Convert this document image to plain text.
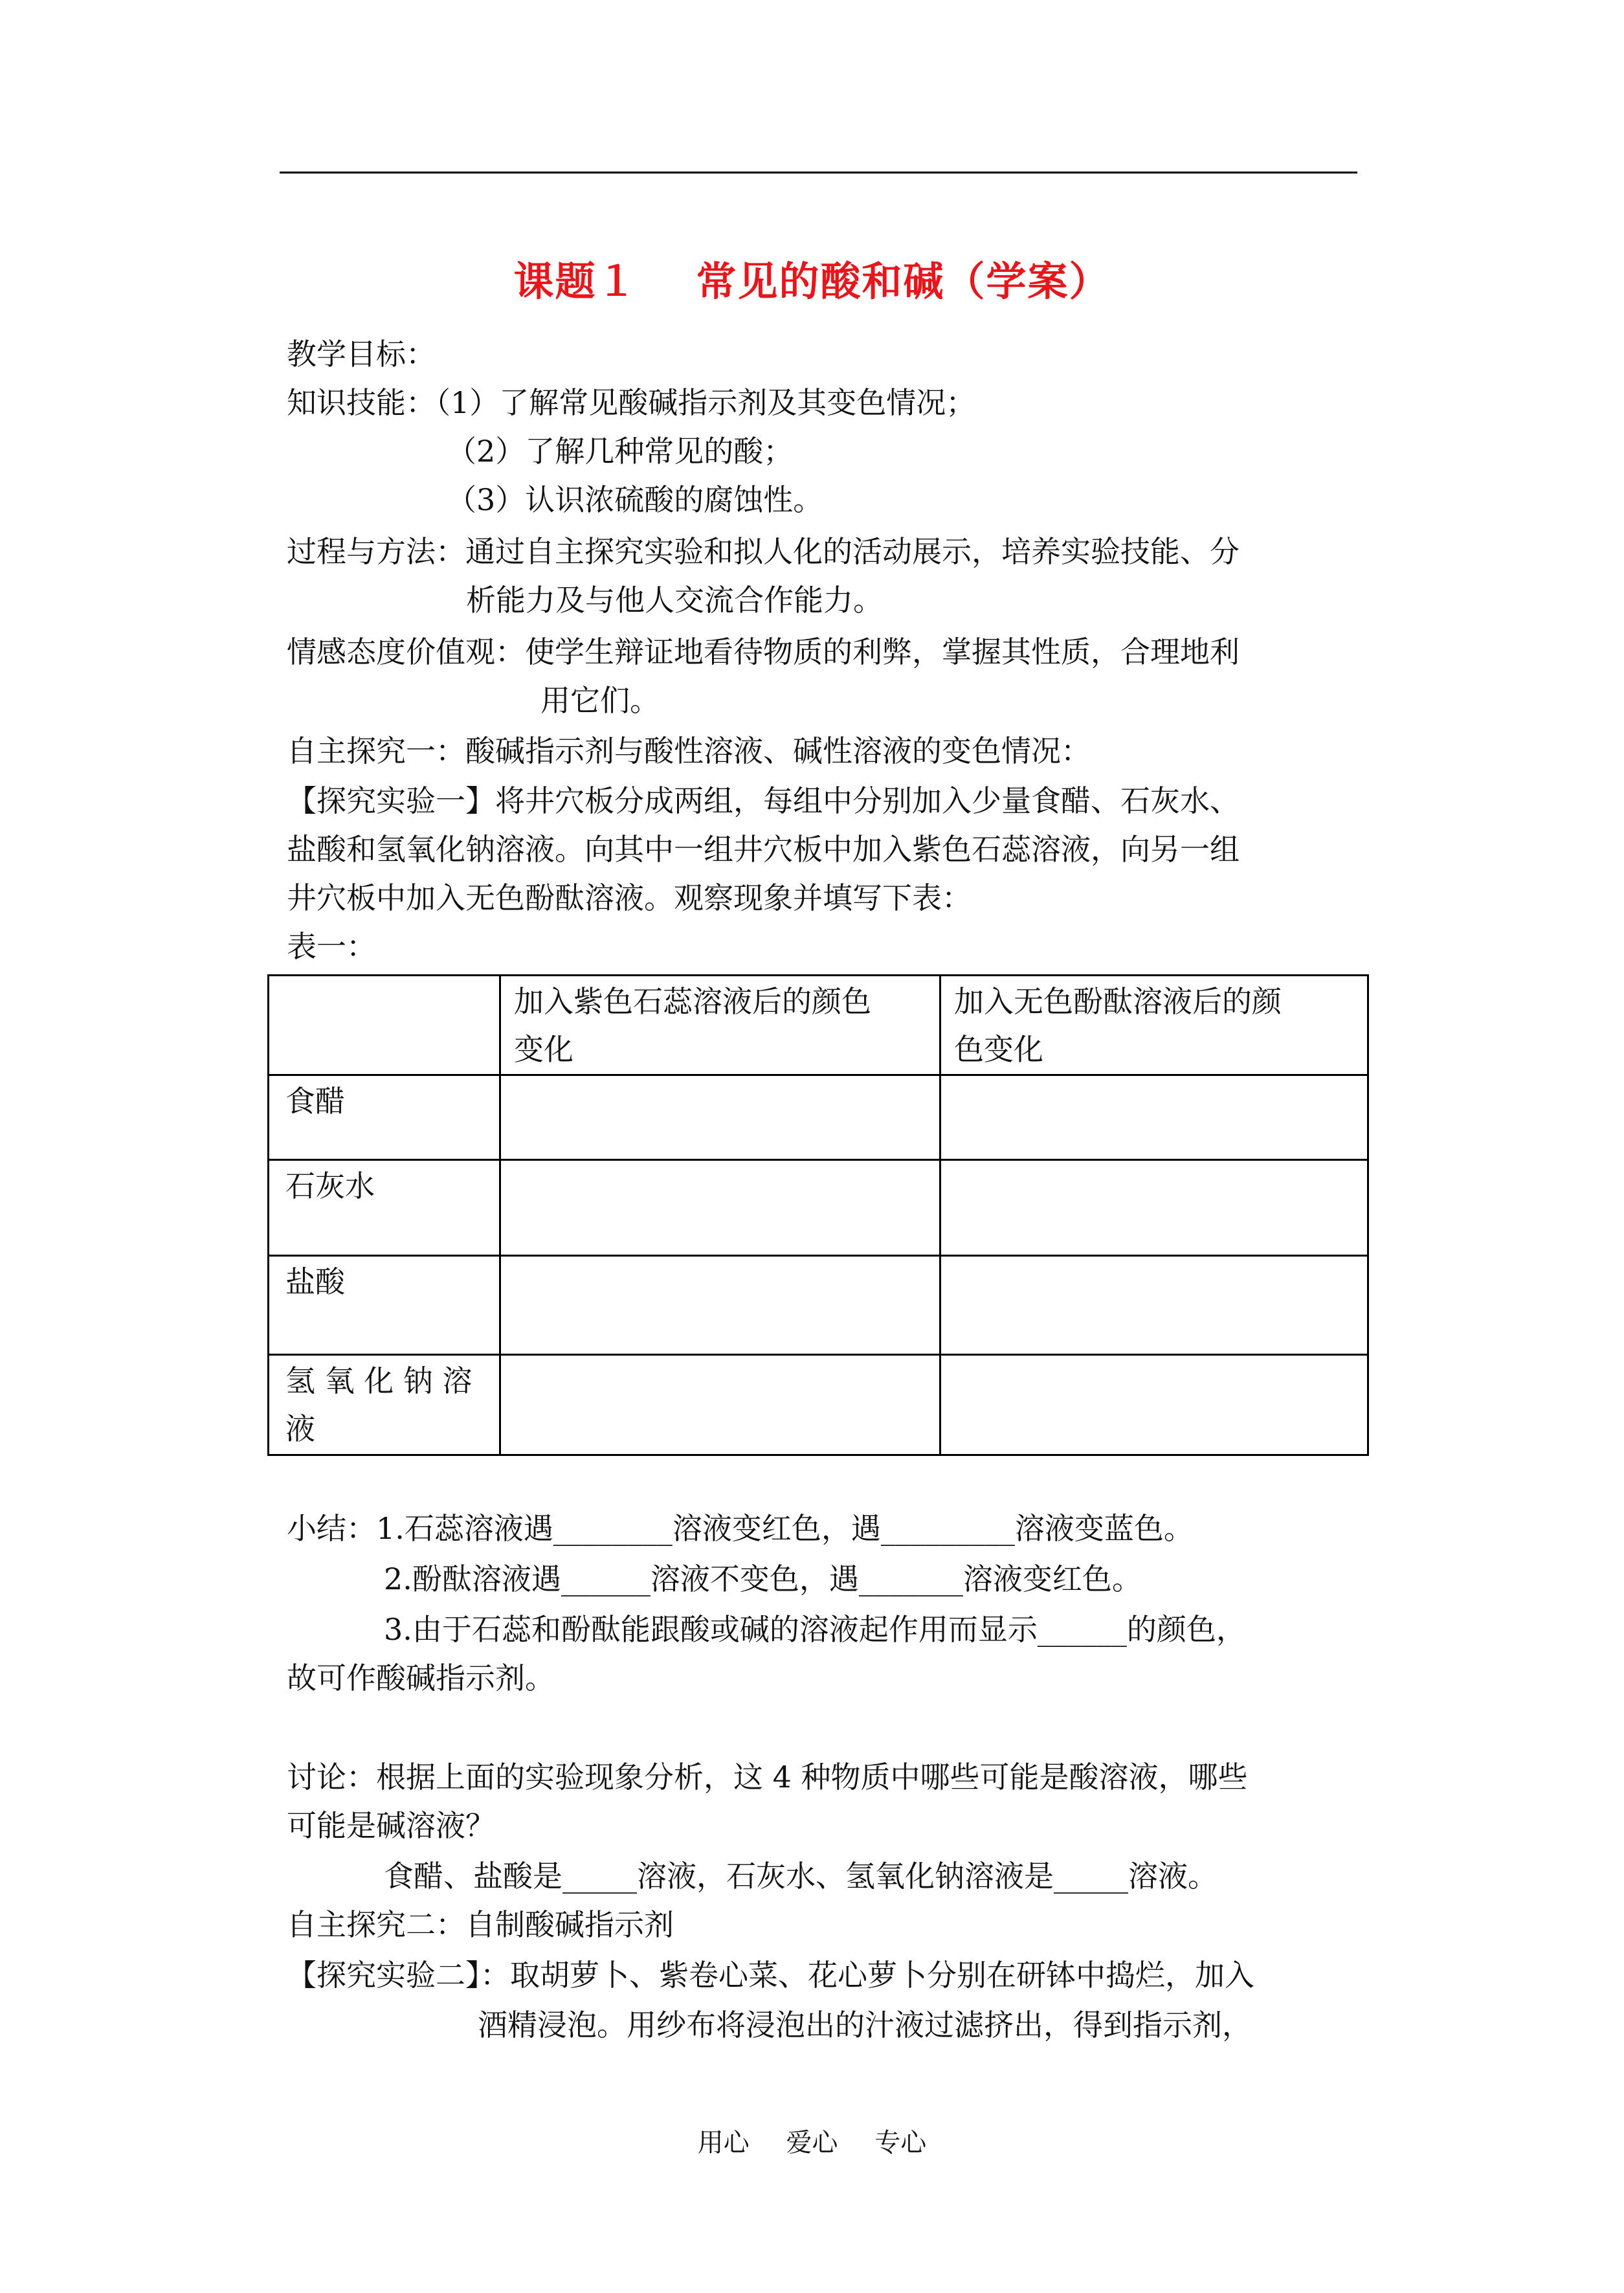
课题１ 常见的酸和碱（学案）
教学目标：
知识技能：（1）了解常见酸碱指示剂及其变色情况；
（2）了解几种常见的酸；
（3）认识浓硫酸的腐蚀性。
过程与方法：通过自主探究实验和拟人化的活动展示，培养实验技能、分
析能力及与他人交流合作能力。
情感态度价值观：使学生辩证地看待物质的利弊，掌握其性质，合理地利
用它们。
自主探究一：酸碱指示剂与酸性溶液、碱性溶液的变色情况：
【探究实验一】将井穴板分成两组，每组中分别加入少量食醋、石灰水、
盐酸和氢氧化钠溶液。向其中一组井穴板中加入紫色石蕊溶液，向另一组
井穴板中加入无色酚酞溶液。观察现象并填写下表：
表一：
加入紫色石蕊溶液后的颜色
变化
加入无色酚酞溶液后的颜
色变化
食醋
石灰水
盐酸
氢 氧 化 钠 溶
液
小结：1.石蕊溶液遇________溶液变红色，遇_________溶液变蓝色。
2.酚酞溶液遇______溶液不变色，遇_______溶液变红色。
3.由于石蕊和酚酞能跟酸或碱的溶液起作用而显示______的颜色，
故可作酸碱指示剂。
讨论：根据上面的实验现象分析，这 4 种物质中哪些可能是酸溶液，哪些
可能是碱溶液？
食醋、盐酸是_____溶液，石灰水、氢氧化钠溶液是_____溶液。
自主探究二：自制酸碱指示剂
【探究实验二】：取胡萝卜、紫卷心菜、花心萝卜分别在研钵中捣烂，加入
酒精浸泡。用纱布将浸泡出的汁液过滤挤出，得到指示剂，
用心 爱心 专心
